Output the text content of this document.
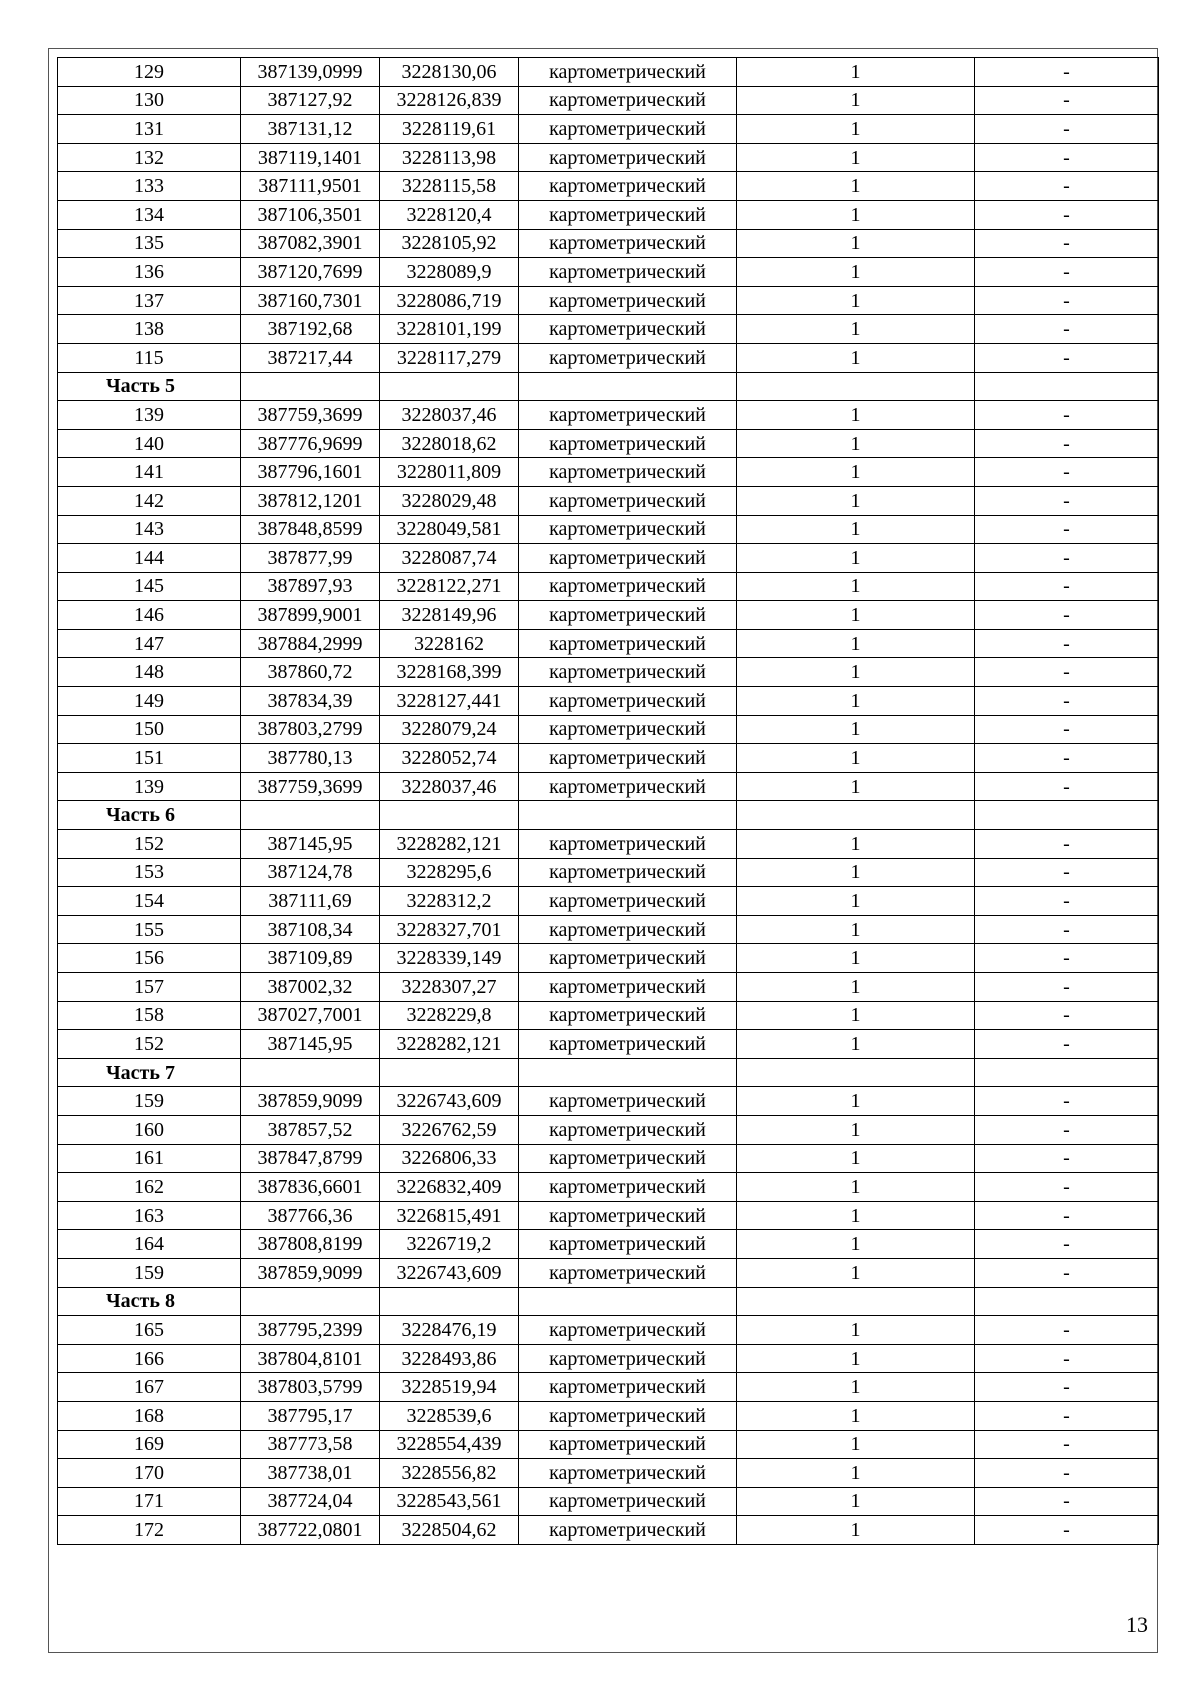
129	387139,0999	3228130,06	картометрический	1	-
130	387127,92	3228126,839	картометрический	1	-
131	387131,12	3228119,61	картометрический	1	-
132	387119,1401	3228113,98	картометрический	1	-
133	387111,9501	3228115,58	картометрический	1	-
134	387106,3501	3228120,4	картометрический	1	-
135	387082,3901	3228105,92	картометрический	1	-
136	387120,7699	3228089,9	картометрический	1	-
137	387160,7301	3228086,719	картометрический	1	-
138	387192,68	3228101,199	картометрический	1	-
115	387217,44	3228117,279	картометрический	1	-
Часть 5					
139	387759,3699	3228037,46	картометрический	1	-
140	387776,9699	3228018,62	картометрический	1	-
141	387796,1601	3228011,809	картометрический	1	-
142	387812,1201	3228029,48	картометрический	1	-
143	387848,8599	3228049,581	картометрический	1	-
144	387877,99	3228087,74	картометрический	1	-
145	387897,93	3228122,271	картометрический	1	-
146	387899,9001	3228149,96	картометрический	1	-
147	387884,2999	3228162	картометрический	1	-
148	387860,72	3228168,399	картометрический	1	-
149	387834,39	3228127,441	картометрический	1	-
150	387803,2799	3228079,24	картометрический	1	-
151	387780,13	3228052,74	картометрический	1	-
139	387759,3699	3228037,46	картометрический	1	-
Часть 6					
152	387145,95	3228282,121	картометрический	1	-
153	387124,78	3228295,6	картометрический	1	-
154	387111,69	3228312,2	картометрический	1	-
155	387108,34	3228327,701	картометрический	1	-
156	387109,89	3228339,149	картометрический	1	-
157	387002,32	3228307,27	картометрический	1	-
158	387027,7001	3228229,8	картометрический	1	-
152	387145,95	3228282,121	картометрический	1	-
Часть 7					
159	387859,9099	3226743,609	картометрический	1	-
160	387857,52	3226762,59	картометрический	1	-
161	387847,8799	3226806,33	картометрический	1	-
162	387836,6601	3226832,409	картометрический	1	-
163	387766,36	3226815,491	картометрический	1	-
164	387808,8199	3226719,2	картометрический	1	-
159	387859,9099	3226743,609	картометрический	1	-
Часть 8					
165	387795,2399	3228476,19	картометрический	1	-
166	387804,8101	3228493,86	картометрический	1	-
167	387803,5799	3228519,94	картометрический	1	-
168	387795,17	3228539,6	картометрический	1	-
169	387773,58	3228554,439	картометрический	1	-
170	387738,01	3228556,82	картометрический	1	-
171	387724,04	3228543,561	картометрический	1	-
172	387722,0801	3228504,62	картометрический	1	-
13
